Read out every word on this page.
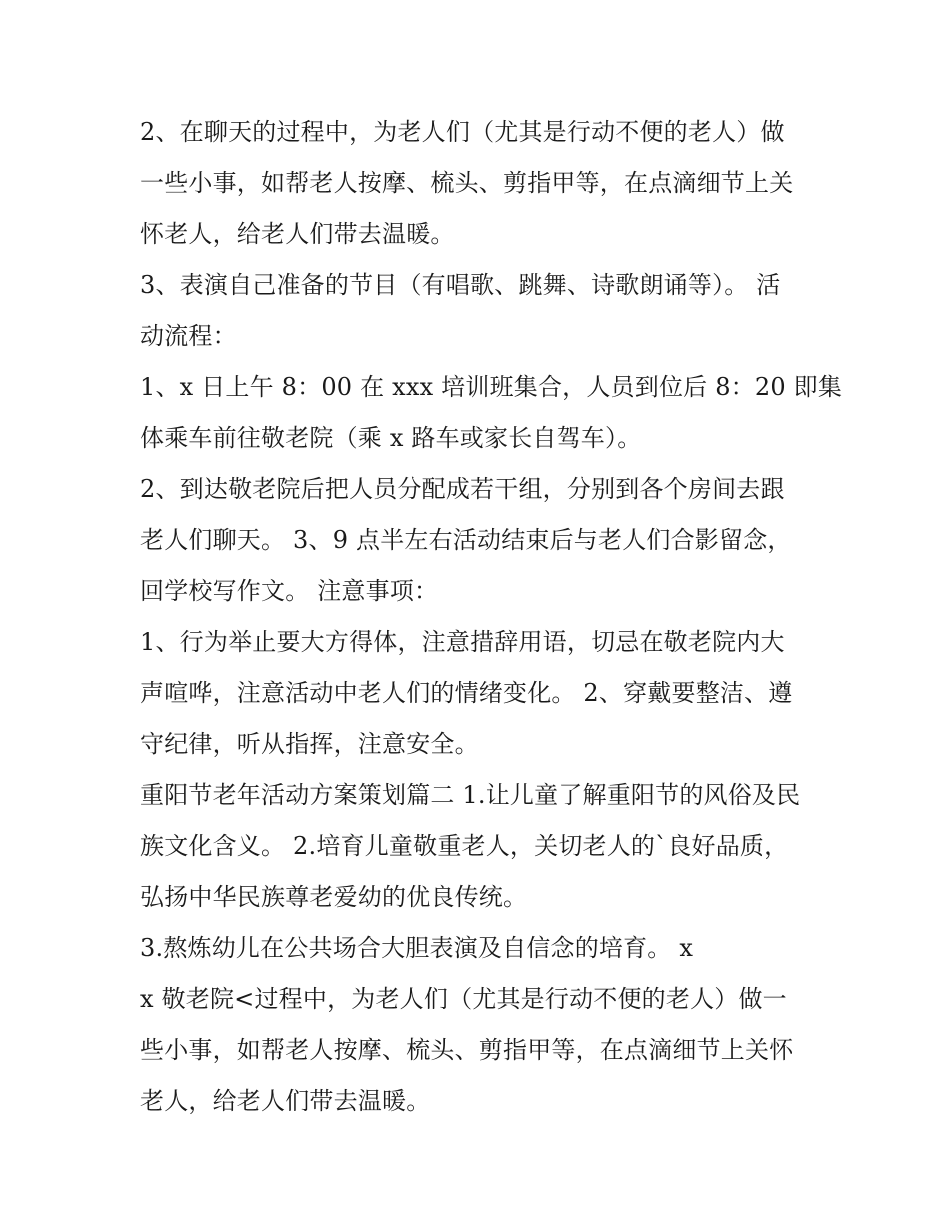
2、在聊天的过程中，为老人们（尤其是行动不便的老人）做
一些小事，如帮老人按摩、梳头、剪指甲等，在点滴细节上关
怀老人，给老人们带去温暖。
3、表演自己准备的节目（有唱歌、跳舞、诗歌朗诵等）。 活
动流程：
1、x 日上午 8：00 在 xxx 培训班集合，人员到位后 8：20 即集
体乘车前往敬老院（乘 x 路车或家长自驾车）。
2、到达敬老院后把人员分配成若干组，分别到各个房间去跟
老人们聊天。 3、9 点半左右活动结束后与老人们合影留念，
回学校写作文。 注意事项：
1、行为举止要大方得体，注意措辞用语，切忌在敬老院内大
声喧哗，注意活动中老人们的情绪变化。 2、穿戴要整洁、遵
守纪律，听从指挥，注意安全。
重阳节老年活动方案策划篇二 1.让儿童了解重阳节的风俗及民
族文化含义。 2.培育儿童敬重老人，关切老人的`良好品质，
弘扬中华民族尊老爱幼的优良传统。
3.熬炼幼儿在公共场合大胆表演及自信念的培育。 x
x 敬老院<过程中，为老人们（尤其是行动不便的老人）做一
些小事，如帮老人按摩、梳头、剪指甲等，在点滴细节上关怀
老人，给老人们带去温暖。
